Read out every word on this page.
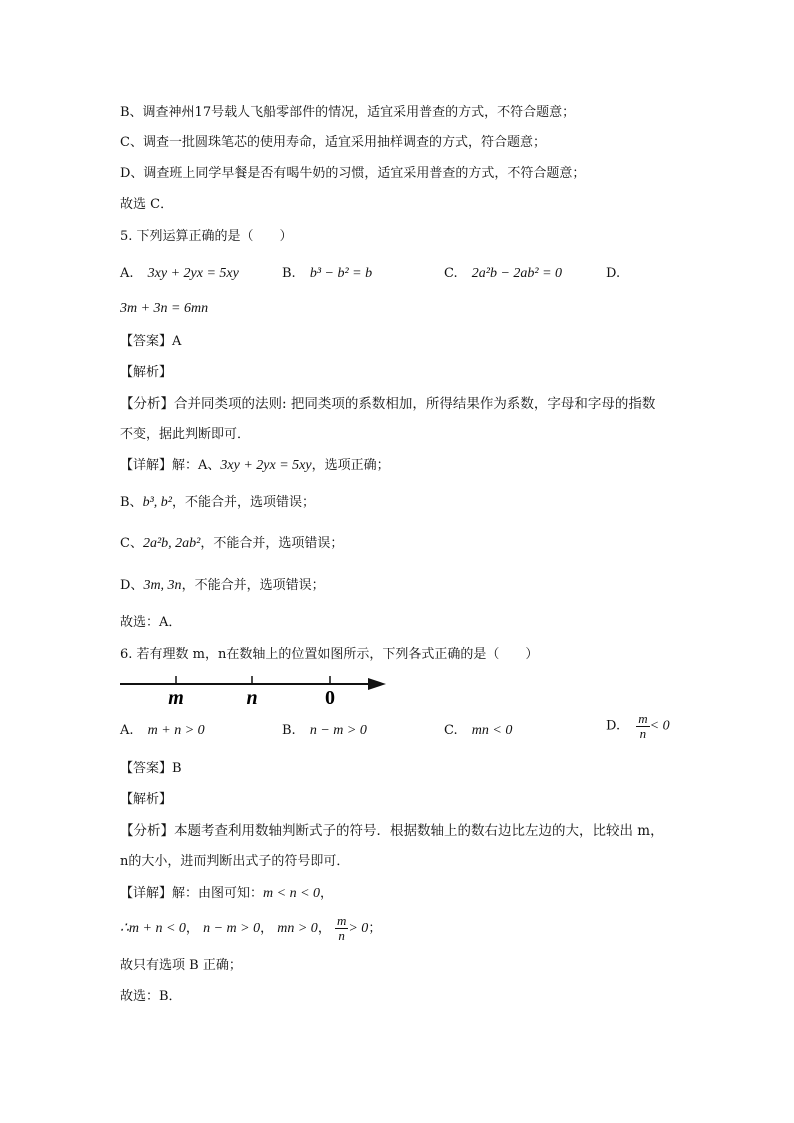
B、调查神州17号载人飞船零部件的情况，适宜采用普查的方式，不符合题意；
C、调查一批圆珠笔芯的使用寿命，适宜采用抽样调查的方式，符合题意；
D、调查班上同学早餐是否有喝牛奶的习惯，适宜采用普查的方式，不符合题意；
故选 C．
5. 下列运算正确的是（　　）
A. 3xy + 2yx = 5xy	B. b³ − b² = b	C. 2a²b − 2ab² = 0	D.
3m + 3n = 6mn
【答案】A
【解析】
【分析】合并同类项的法则: 把同类项的系数相加，所得结果作为系数，字母和字母的指数
不变，据此判断即可．
【详解】解：A、3xy + 2yx = 5xy，选项正确；
B、b³, b²，不能合并，选项错误；
C、2a²b, 2ab²，不能合并，选项错误；
D、3m, 3n，不能合并，选项错误；
故选：A．
6. 若有理数 m，n在数轴上的位置如图所示，下列各式正确的是（　　）
m	n	0
A. m + n > 0	B. n − m > 0	C. mn < 0	D. $\frac{m}{n} < 0$
【答案】B
【解析】
【分析】本题考查利用数轴判断式子的符号．根据数轴上的数右边比左边的大，比较出 m，
n的大小，进而判断出式子的符号即可．
【详解】解：由图可知：m < n < 0，
∴m + n < 0， n − m > 0， mn > 0， $\frac{m}{n} > 0$；
故只有选项 B 正确；
故选：B．
